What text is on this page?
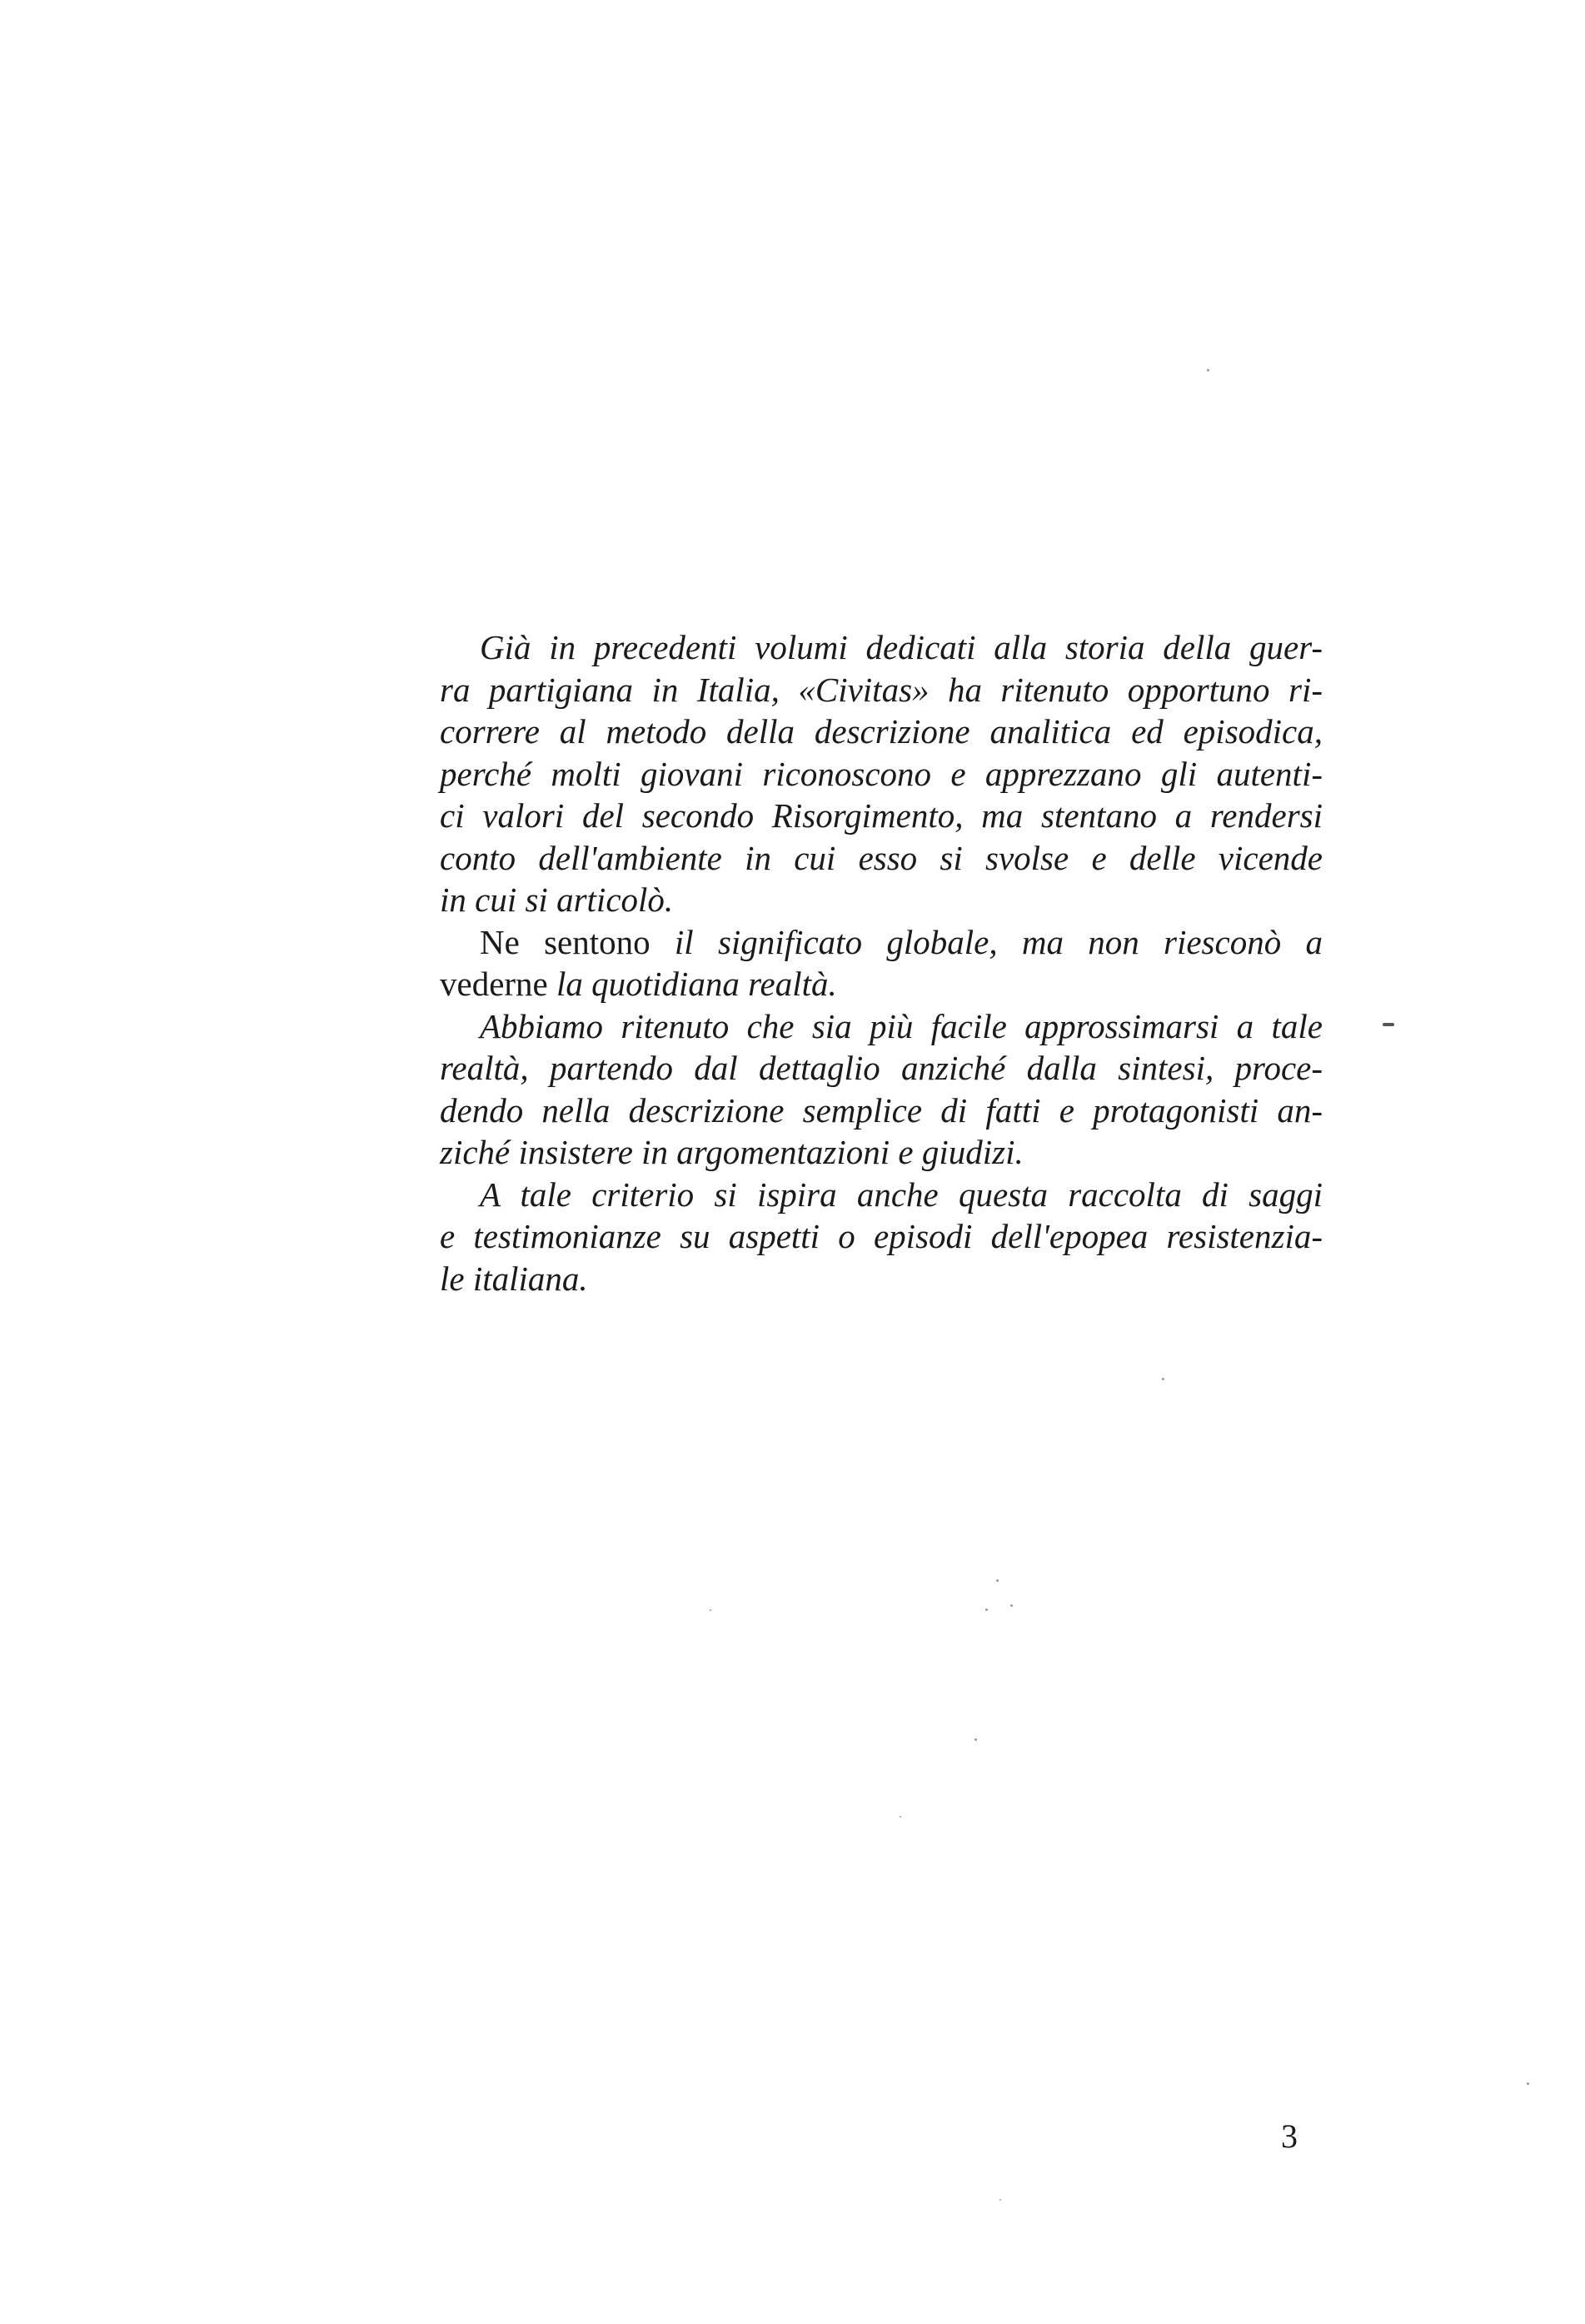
Già in precedenti volumi dedicati alla storia della guer-
ra partigiana in Italia, «Civitas» ha ritenuto opportuno ri-
correre al metodo della descrizione analitica ed episodica,
perché molti giovani riconoscono e apprezzano gli autenti-
ci valori del secondo Risorgimento, ma stentano a rendersi
conto dell'ambiente in cui esso si svolse e delle vicende
in cui si articolò.

Ne sentono il significato globale, ma non riesconò a
vederne la quotidiana realtà.

Abbiamo ritenuto che sia più facile approssimarsi a tale
realtà, partendo dal dettaglio anziché dalla sintesi, proce-
dendo nella descrizione semplice di fatti e protagonisti an-
ziché insistere in argomentazioni e giudizi.

A tale criterio si ispira anche questa raccolta di saggi
e testimonianze su aspetti o episodi dell'epopea resistenzia-
le italiana.

3
